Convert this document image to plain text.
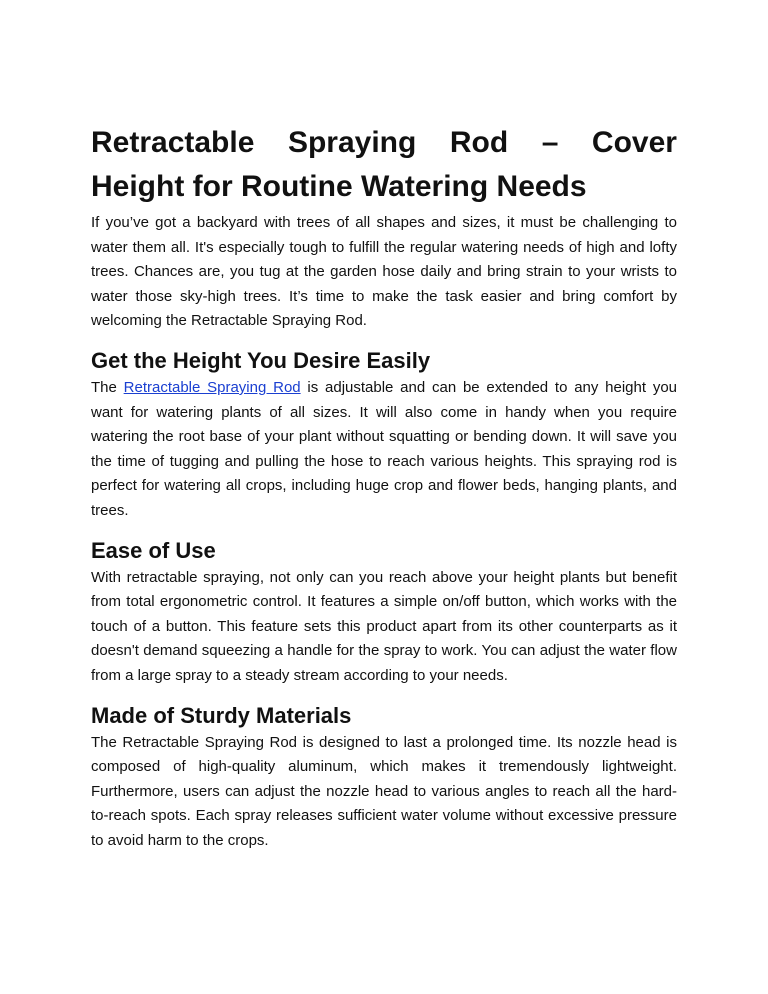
Retractable Spraying Rod – Cover
Height for Routine Watering Needs

If you’ve got a backyard with trees of all shapes and sizes, it must be challenging to water them all. It's especially tough to fulfill the regular watering needs of high and lofty trees. Chances are, you tug at the garden hose daily and bring strain to your wrists to water those sky-high trees. It’s time to make the task easier and bring comfort by welcoming the Retractable Spraying Rod.

Get the Height You Desire Easily

The Retractable Spraying Rod is adjustable and can be extended to any height you want for watering plants of all sizes. It will also come in handy when you require watering the root base of your plant without squatting or bending down. It will save you the time of tugging and pulling the hose to reach various heights. This spraying rod is perfect for watering all crops, including huge crop and flower beds, hanging plants, and trees.

Ease of Use

With retractable spraying, not only can you reach above your height plants but benefit from total ergonometric control. It features a simple on/off button, which works with the touch of a button. This feature sets this product apart from its other counterparts as it doesn't demand squeezing a handle for the spray to work. You can adjust the water flow from a large spray to a steady stream according to your needs.

Made of Sturdy Materials

The Retractable Spraying Rod is designed to last a prolonged time. Its nozzle head is composed of high-quality aluminum, which makes it tremendously lightweight. Furthermore, users can adjust the nozzle head to various angles to reach all the hard-to-reach spots. Each spray releases sufficient water volume without excessive pressure to avoid harm to the crops.
